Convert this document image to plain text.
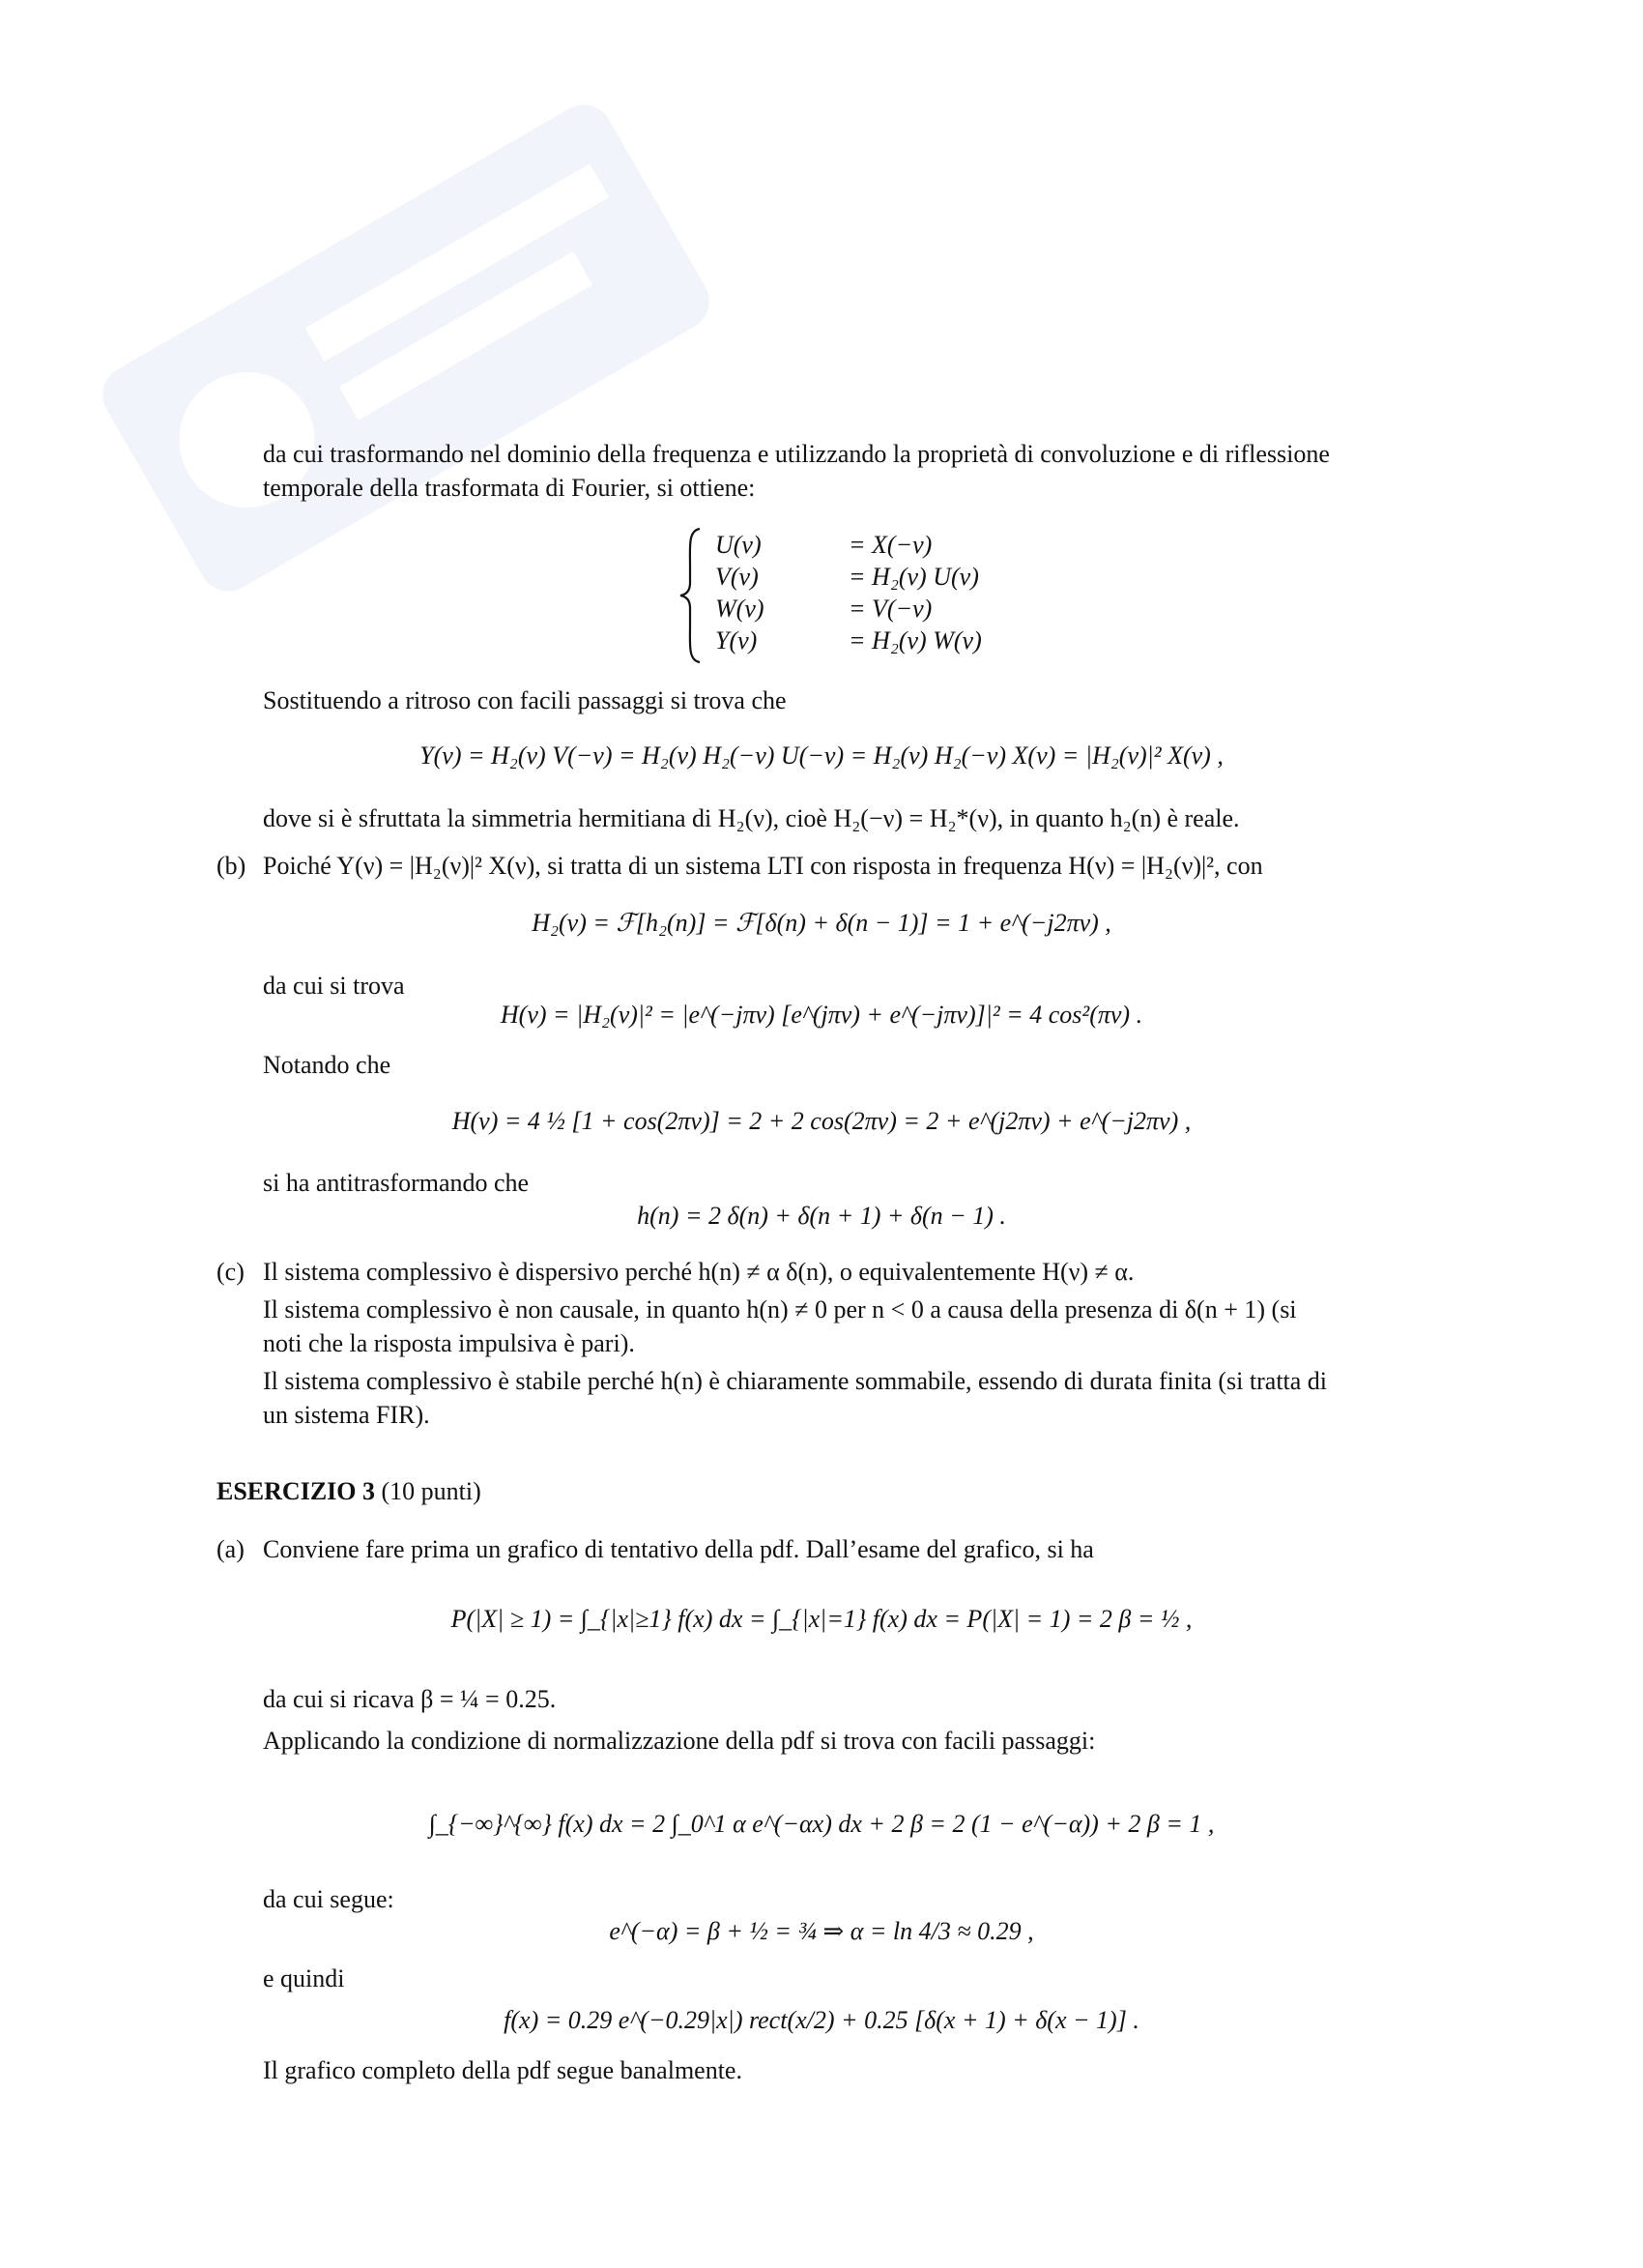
da cui trasformando nel dominio della frequenza e utilizzando la proprietà di convoluzione e di riflessione
temporale della trasformata di Fourier, si ottiene:
U(ν)	= X(−ν)
V(ν)	= H₂(ν) U(ν)
W(ν)	= V(−ν)
Y(ν)	= H₂(ν) W(ν)
Sostituendo a ritroso con facili passaggi si trova che
Y(ν) = H₂(ν) V(−ν) = H₂(ν) H₂(−ν) U(−ν) = H₂(ν) H₂(−ν) X(ν) = |H₂(ν)|² X(ν) ,
dove si è sfruttata la simmetria hermitiana di H₂(ν), cioè H₂(−ν) = H₂*(ν), in quanto h₂(n) è reale.
(b) Poiché Y(ν) = |H₂(ν)|² X(ν), si tratta di un sistema LTI con risposta in frequenza H(ν) = |H₂(ν)|², con
H₂(ν) = ℱ[h₂(n)] = ℱ[δ(n) + δ(n − 1)] = 1 + e^(−j2πν) ,
da cui si trova
H(ν) = |H₂(ν)|² = |e^(−jπν) [e^(jπν) + e^(−jπν)]|² = 4 cos²(πν) .
Notando che
H(ν) = 4 ½ [1 + cos(2πν)] = 2 + 2 cos(2πν) = 2 + e^(j2πν) + e^(−j2πν) ,
si ha antitrasformando che
h(n) = 2 δ(n) + δ(n + 1) + δ(n − 1) .
(c) Il sistema complessivo è dispersivo perché h(n) ≠ α δ(n), o equivalentemente H(ν) ≠ α.
Il sistema complessivo è non causale, in quanto h(n) ≠ 0 per n < 0 a causa della presenza di δ(n + 1) (si
noti che la risposta impulsiva è pari).
Il sistema complessivo è stabile perché h(n) è chiaramente sommabile, essendo di durata finita (si tratta di
un sistema FIR).
ESERCIZIO 3 (10 punti)
(a) Conviene fare prima un grafico di tentativo della pdf. Dall’esame del grafico, si ha
P(|X| ≥ 1) = ∫_{|x|≥1} f(x) dx = ∫_{|x|=1} f(x) dx = P(|X| = 1) = 2 β = ½ ,
da cui si ricava β = ¼ = 0.25.
Applicando la condizione di normalizzazione della pdf si trova con facili passaggi:
∫_{−∞}^{∞} f(x) dx = 2 ∫_0^1 α e^(−αx) dx + 2 β = 2 (1 − e^(−α)) + 2 β = 1 ,
da cui segue:
e^(−α) = β + ½ = ¾ ⇒ α = ln 4/3 ≈ 0.29 ,
e quindi
f(x) = 0.29 e^(−0.29|x|) rect(x/2) + 0.25 [δ(x + 1) + δ(x − 1)] .
Il grafico completo della pdf segue banalmente.
